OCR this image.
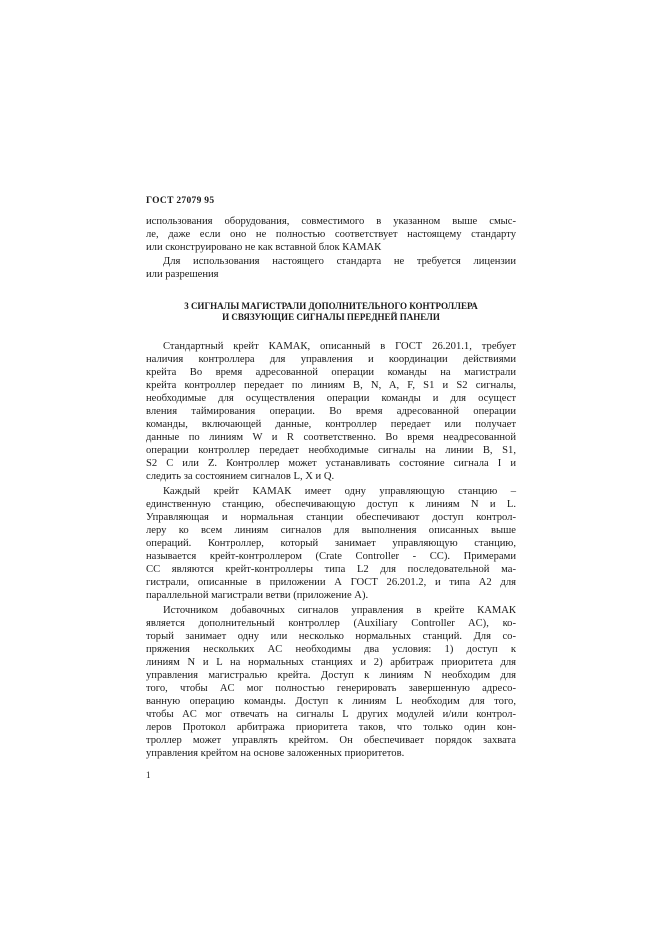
ГОСТ 27079 95
использования оборудования, совместимого в указанном выше смыс-
ле, даже если оно не полностью соответствует настоящему стандарту
или сконструировано не как вставной блок КАМАК
Для использования настоящего стандарта не требуется лицензии
или разрешения
3 СИГНАЛЫ МАГИСТРАЛИ ДОПОЛНИТЕЛЬНОГО КОНТРОЛЛЕРА
И СВЯЗУЮЩИЕ СИГНАЛЫ ПЕРЕДНЕЙ ПАНЕЛИ
Стандартный крейт КАМАК, описанный в ГОСТ 26.201.1, требует
наличия контроллера для управления и координации действиями
крейта Во время адресованной операции команды на магистрали
крейта контроллер передает по линиям B, N, A, F, S1 и S2 сигналы,
необходимые для осуществления операции команды и для осущест
вления таймирования операции. Во время адресованной операции
команды, включающей данные, контроллер передает или получает
данные по линиям W и R соответственно. Во время неадресованной
операции контроллер передает необходимые сигналы на линии B, S1,
S2 C или Z. Контроллер может устанавливать состояние сигнала I и
следить за состоянием сигналов L, X и Q.
Каждый крейт КАМАК имеет одну управляющую станцию –
единственную станцию, обеспечивающую доступ к линиям N и L.
Управляющая и нормальная станции обеспечивают доступ контрол-
леру ко всем линиям сигналов для выполнения описанных выше
операций. Контроллер, который занимает управляющую станцию,
называется крейт-контроллером (Crate Controller - CC). Примерами
CC являются крейт-контроллеры типа L2 для последовательной ма-
гистрали, описанные в приложении А ГОСТ 26.201.2, и типа А2 для
параллельной магистрали ветви (приложение А).
Источником добавочных сигналов управления в крейте КАМАК
является дополнительный контроллер (Auxiliary Controller AC), ко-
торый занимает одну или несколько нормальных станций. Для со-
пряжения нескольких AC необходимы два условия: 1) доступ к
линиям N и L на нормальных станциях и 2) арбитраж приоритета для
управления магистралью крейта. Доступ к линиям N необходим для
того, чтобы AC мог полностью генерировать завершенную адресо-
ванную операцию команды. Доступ к линиям L необходим для того,
чтобы AC мог отвечать на сигналы L других модулей и/или контрол-
леров Протокол арбитража приоритета таков, что только один кон-
троллер может управлять крейтом. Он обеспечивает порядок захвата
управления крейтом на основе заложенных приоритетов.
1
